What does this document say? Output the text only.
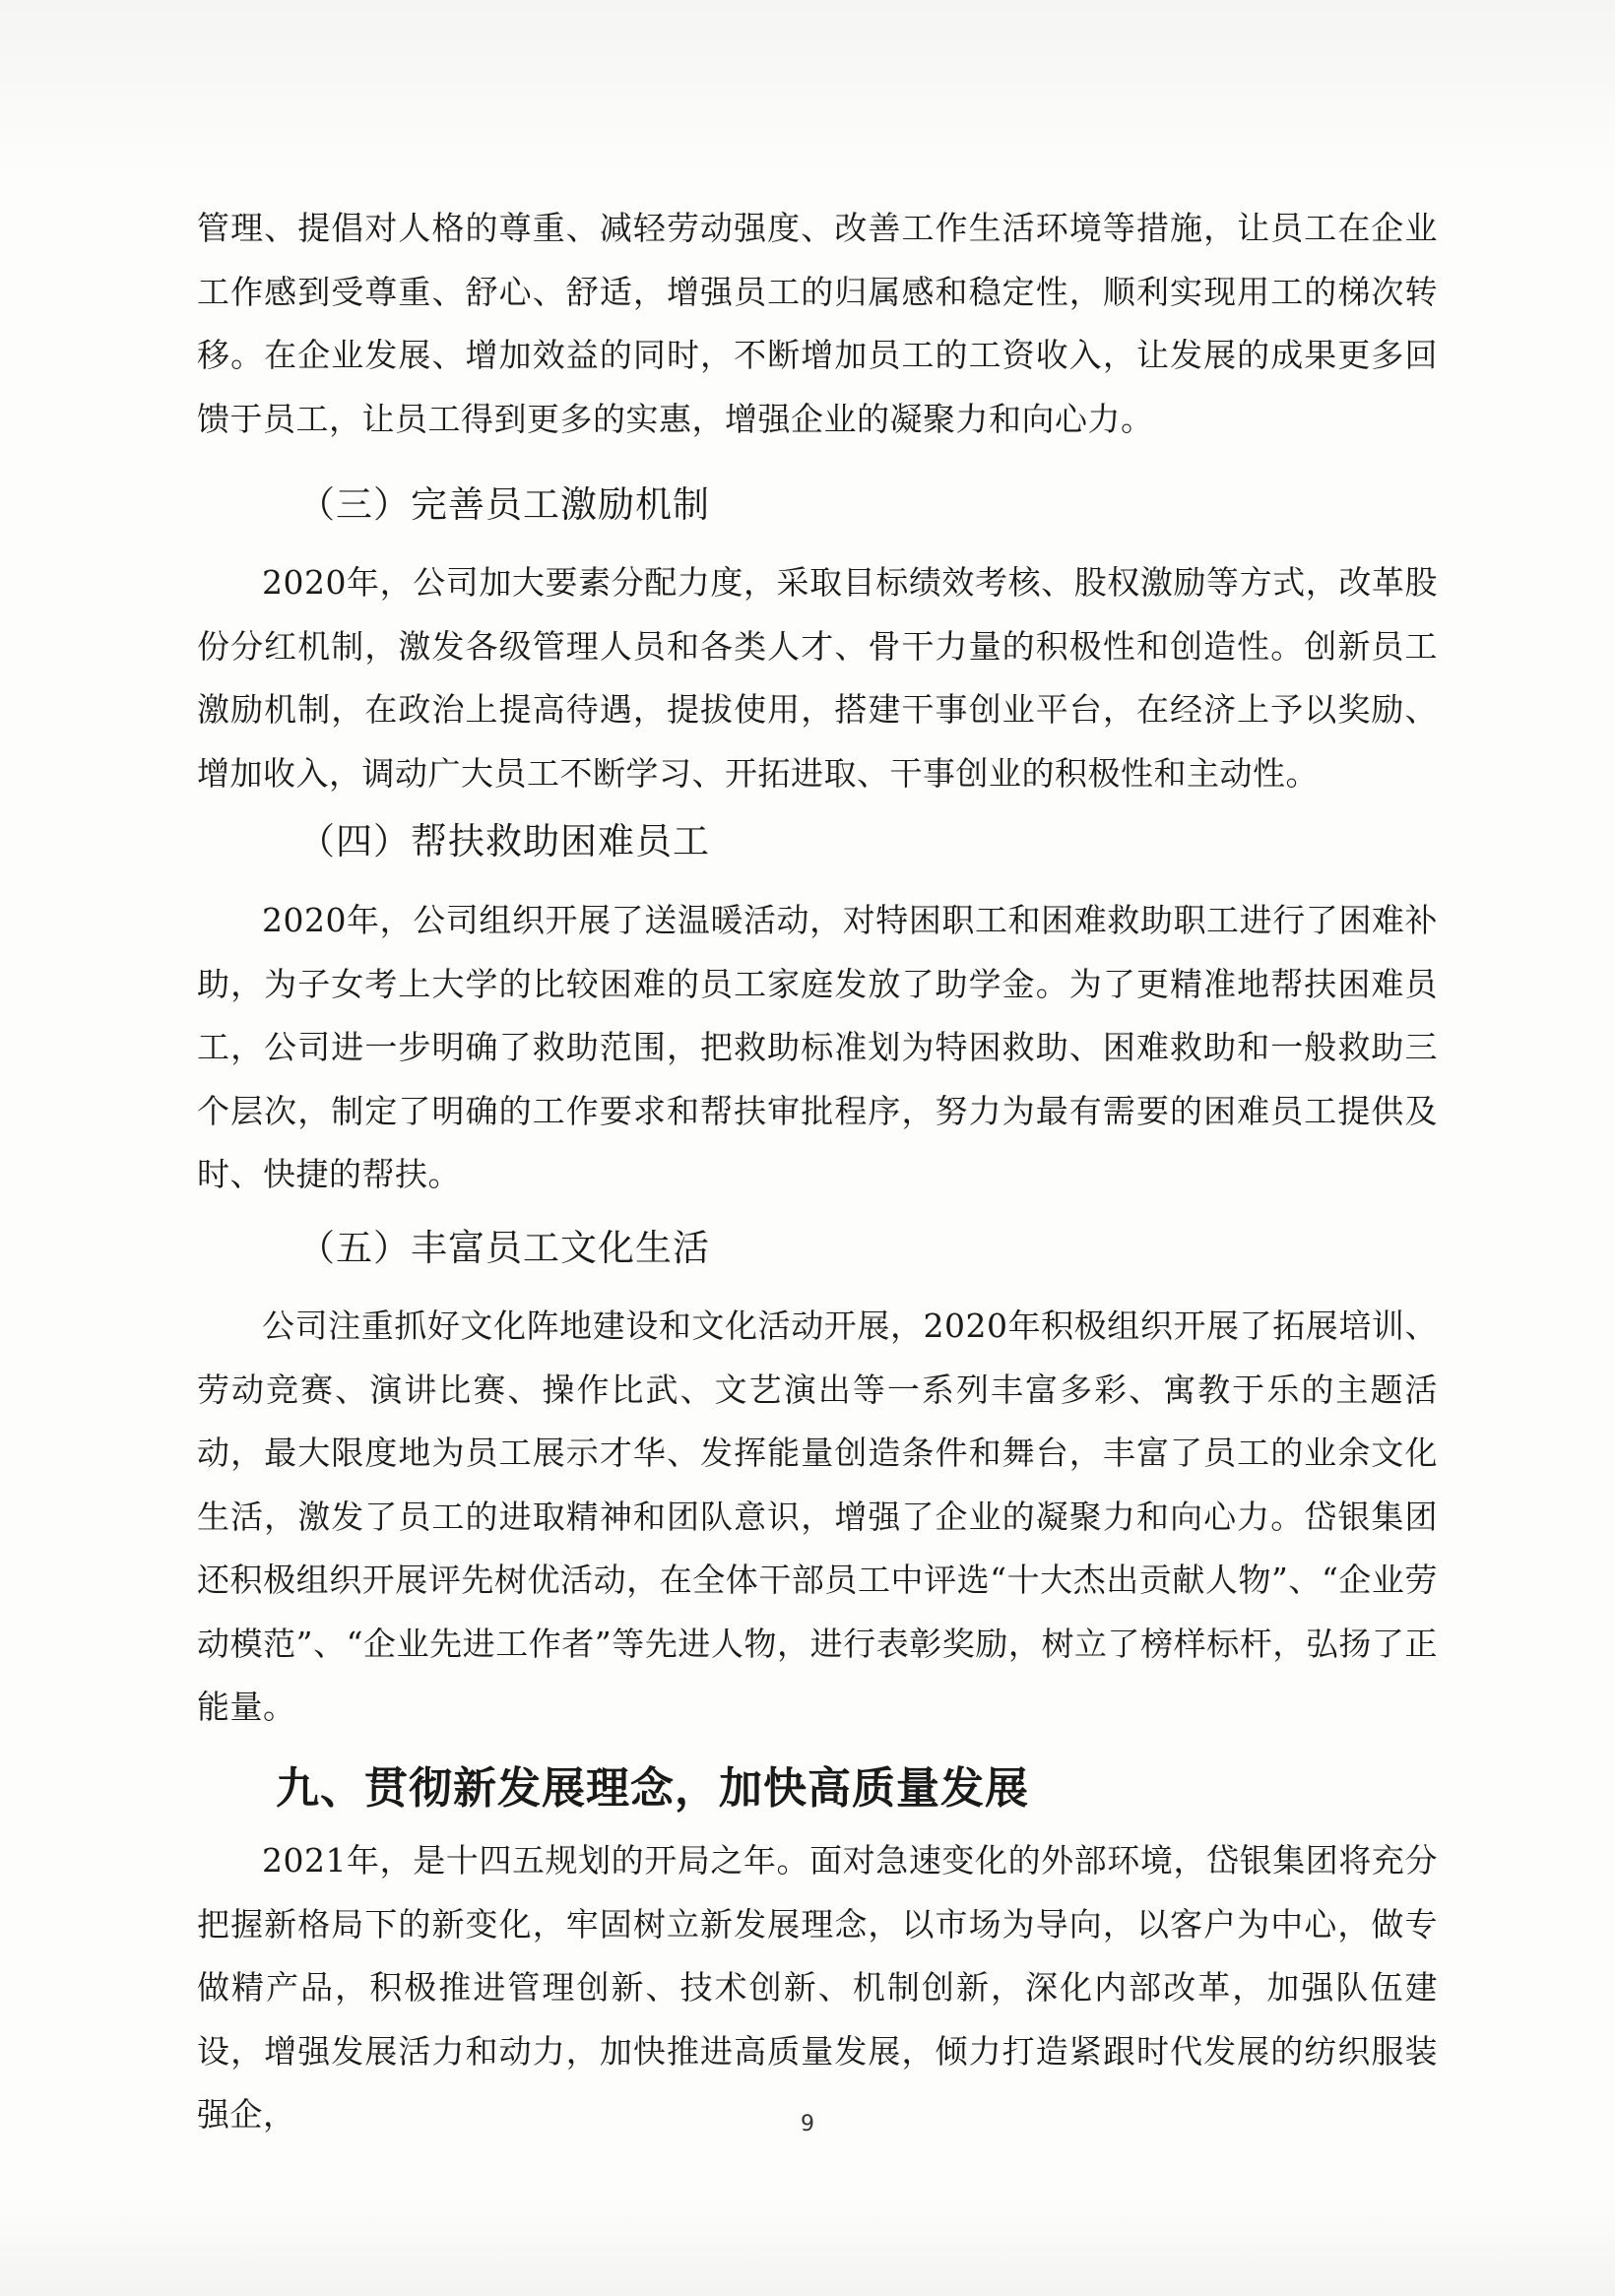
管理、提倡对人格的尊重、减轻劳动强度、改善工作生活环境等措施，让员工在企业工作感到受尊重、舒心、舒适，增强员工的归属感和稳定性，顺利实现用工的梯次转移。在企业发展、增加效益的同时，不断增加员工的工资收入，让发展的成果更多回馈于员工，让员工得到更多的实惠，增强企业的凝聚力和向心力。

（三）完善员工激励机制

2020年，公司加大要素分配力度，采取目标绩效考核、股权激励等方式，改革股份分红机制，激发各级管理人员和各类人才、骨干力量的积极性和创造性。创新员工激励机制，在政治上提高待遇，提拔使用，搭建干事创业平台，在经济上予以奖励、增加收入，调动广大员工不断学习、开拓进取、干事创业的积极性和主动性。

（四）帮扶救助困难员工

2020年，公司组织开展了送温暖活动，对特困职工和困难救助职工进行了困难补助，为子女考上大学的比较困难的员工家庭发放了助学金。为了更精准地帮扶困难员工，公司进一步明确了救助范围，把救助标准划为特困救助、困难救助和一般救助三个层次，制定了明确的工作要求和帮扶审批程序，努力为最有需要的困难员工提供及时、快捷的帮扶。

（五）丰富员工文化生活

公司注重抓好文化阵地建设和文化活动开展，2020年积极组织开展了拓展培训、劳动竞赛、演讲比赛、操作比武、文艺演出等一系列丰富多彩、寓教于乐的主题活动，最大限度地为员工展示才华、发挥能量创造条件和舞台，丰富了员工的业余文化生活，激发了员工的进取精神和团队意识，增强了企业的凝聚力和向心力。岱银集团还积极组织开展评先树优活动，在全体干部员工中评选“十大杰出贡献人物”、“企业劳动模范”、“企业先进工作者”等先进人物，进行表彰奖励，树立了榜样标杆，弘扬了正能量。

九、贯彻新发展理念，加快高质量发展

2021年，是十四五规划的开局之年。面对急速变化的外部环境，岱银集团将充分把握新格局下的新变化，牢固树立新发展理念，以市场为导向，以客户为中心，做专做精产品，积极推进管理创新、技术创新、机制创新，深化内部改革，加强队伍建设，增强发展活力和动力，加快推进高质量发展，倾力打造紧跟时代发展的纺织服装强企，	9
